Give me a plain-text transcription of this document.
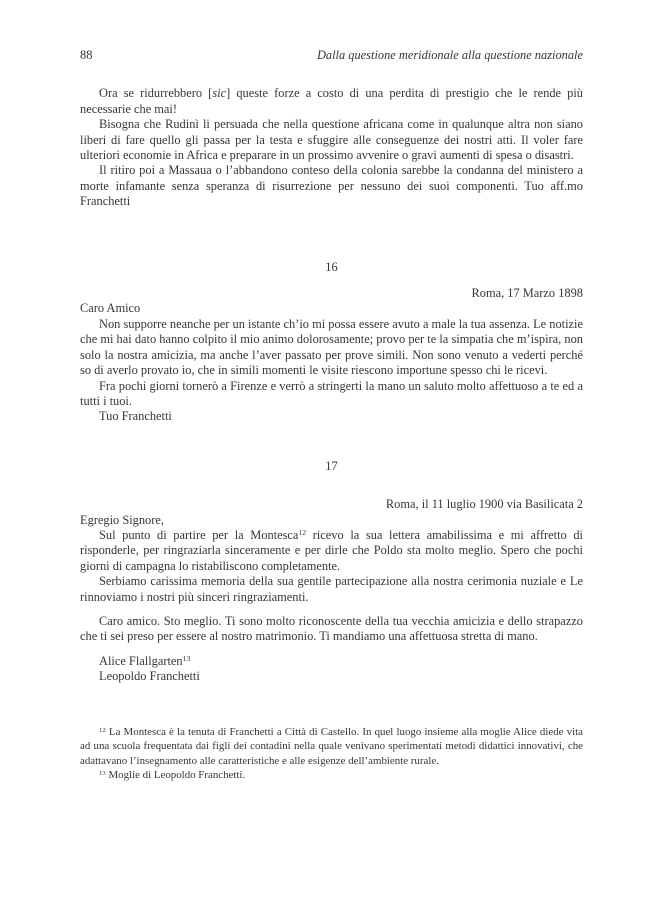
88	Dalla questione meridionale alla questione nazionale

Ora se ridurrebbero [sic] queste forze a costo di una perdita di prestigio che le rende più necessarie che mai!

Bisogna che Rudinì li persuada che nella questione africana come in qualunque altra non siano liberi di fare quello gli passa per la testa e sfuggire alle conseguenze dei nostri atti. Il voler fare ulteriori economie in Africa e preparare in un prossimo avvenire o gravi aumenti di spesa o disastri.

Il ritiro poi a Massaua o l’abbandono conteso della colonia sarebbe la condanna del ministero a morte infamante senza speranza di risurrezione per nessuno dei suoi componenti. Tuo aff.mo Franchetti

16

Roma, 17 Marzo 1898

Caro Amico

Non supporre neanche per un istante ch’io mi possa essere avuto a male la tua assenza. Le notizie che mi hai dato hanno colpito il mio animo dolorosamente; provo per te la simpatia che m’ispira, non solo la nostra amicizia, ma anche l’aver passato per prove simili. Non sono venuto a vederti perché so di averlo provato io, che in simili momenti le visite riescono importune spesso chi le ricevi.

Fra pochi giorni tornerò a Firenze e verrò a stringerti la mano un saluto molto affettuoso a te ed a tutti i tuoi.

Tuo Franchetti

17

Roma, il 11 luglio 1900 via Basilicata 2

Egregio Signore,

Sul punto di partire per la Montesca$^{12}$ ricevo la sua lettera amabilissima e mi affretto di risponderle, per ringraziarla sinceramente e per dirle che Poldo sta molto meglio. Spero che pochi giorni di campagna lo ristabiliscono completamente.

Serbiamo carissima memoria della sua gentile partecipazione alla nostra cerimonia nuziale e Le rinnoviamo i nostri più sinceri ringraziamenti.

Caro amico. Sto meglio. Ti sono molto riconoscente della tua vecchia amicizia e dello strapazzo che ti sei preso per essere al nostro matrimonio. Ti mandiamo una affettuosa stretta di mano.

Alice Flallgarten$^{13}$

Leopoldo Franchetti

$^{12}$ La Montesca è la tenuta di Franchetti a Città di Castello. In quel luogo insieme alla moglie Alice diede vita ad una scuola frequentata dai figli dei contadini nella quale venivano sperimentati metodi didattici innovativi, che adattavano l’insegnamento alle caratteristiche e alle esigenze dell’ambiente rurale.

$^{13}$ Moglie di Leopoldo Franchetti.
